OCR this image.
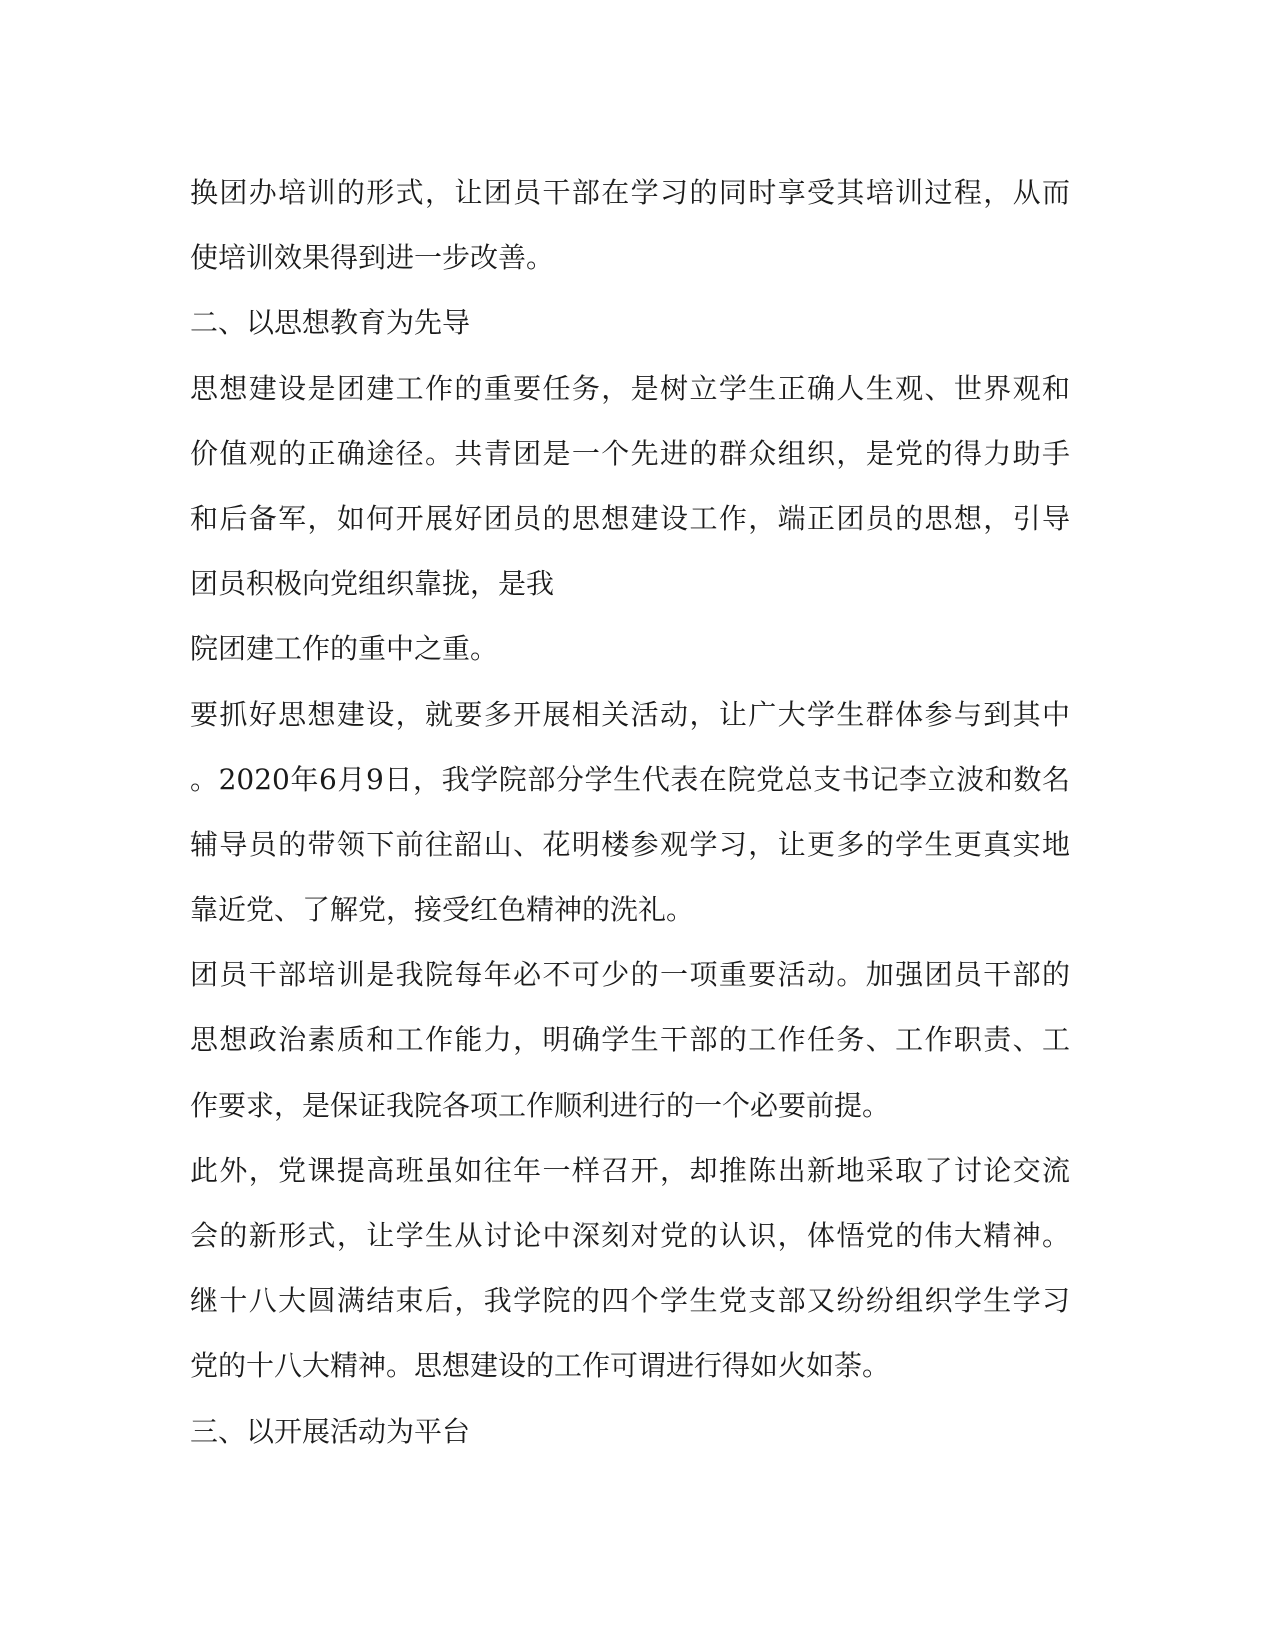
换团办培训的形式，让团员干部在学习的同时享受其培训过程，从而
使培训效果得到进一步改善。
二、以思想教育为先导
思想建设是团建工作的重要任务，是树立学生正确人生观、世界观和
价值观的正确途径。共青团是一个先进的群众组织，是党的得力助手
和后备军，如何开展好团员的思想建设工作，端正团员的思想，引导
团员积极向党组织靠拢，是我
院团建工作的重中之重。
要抓好思想建设，就要多开展相关活动，让广大学生群体参与到其中
。2020年6月9日，我学院部分学生代表在院党总支书记李立波和数名
辅导员的带领下前往韶山、花明楼参观学习，让更多的学生更真实地
靠近党、了解党，接受红色精神的洗礼。
团员干部培训是我院每年必不可少的一项重要活动。加强团员干部的
思想政治素质和工作能力，明确学生干部的工作任务、工作职责、工
作要求，是保证我院各项工作顺利进行的一个必要前提。
此外，党课提高班虽如往年一样召开，却推陈出新地采取了讨论交流
会的新形式，让学生从讨论中深刻对党的认识，体悟党的伟大精神。
继十八大圆满结束后，我学院的四个学生党支部又纷纷组织学生学习
党的十八大精神。思想建设的工作可谓进行得如火如荼。
三、以开展活动为平台
